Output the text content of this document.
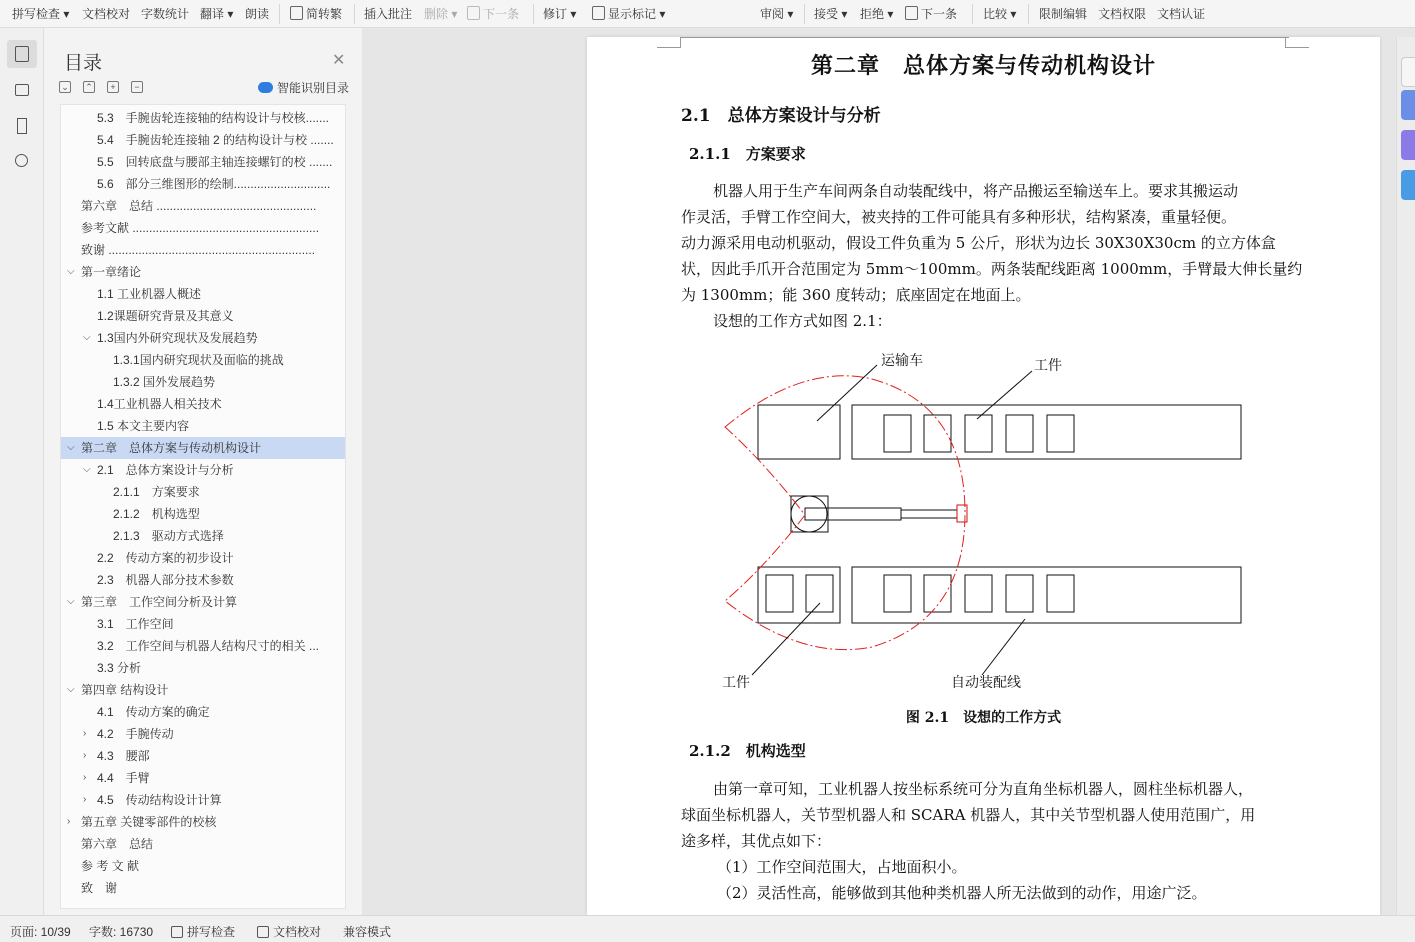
拼写检查 ▾ 文档校对 字数统计 翻译 ▾ 朗读	简转繁 插入批注 删除 ▾	下一条 修订 ▾	显示标记 ▾	审阅 ▾ 接受 ▾ 拒绝 ▾	下一条 比较 ▾ 限制编辑 文档权限 文档认证
目录	✕
⌄ ⌃	+	−	智能识别目录
致　谢
参 考 文 献
第六章　总结
› 第五章 关键零部件的校核
› 4.5　传动结构设计计算
› 4.4　手臂
› 4.3　腰部
› 4.2　手腕传动
4.1　传动方案的确定
⌵ 第四章 结构设计
3.3 分析
3.2　工作空间与机器人结构尺寸的相关 ...
3.1　工作空间
⌵ 第三章　工作空间分析及计算
2.3　机器人部分技术参数
2.2　传动方案的初步设计
2.1.3　驱动方式选择
2.1.2　机构选型
2.1.1　方案要求
⌵ 2.1　总体方案设计与分析
⌵ 第二章　总体方案与传动机构设计
1.5 本文主要内容
1.4工业机器人相关技术
1.3.2 国外发展趋势
1.3.1国内研究现状及面临的挑战
⌵ 1.3国内外研究现状及发展趋势
1.2课题研究背景及其意义
1.1 工业机器人概述
⌵ 第一章绪论
致谢 ..............................................................
参考文献 ........................................................
第六章　总结 ................................................
5.6　部分三维图形的绘制.............................
5.5　回转底盘与腰部主轴连接螺钉的校 .......
5.4　手腕齿轮连接轴 2 的结构设计与校 .......
5.3　手腕齿轮连接轴的结构设计与校核.......
第二章　总体方案与传动机构设计
2.1　总体方案设计与分析
2.1.1　方案要求
机器人用于生产车间两条自动装配线中，将产品搬运至输送车上。要求其搬运动
作灵活，手臂工作空间大，被夹持的工件可能具有多种形状，结构紧凑，重量轻便。
动力源采用电动机驱动，假设工件负重为 5 公斤，形状为边长 30X30X30cm 的立方体盒
状，因此手爪开合范围定为 5mm～100mm。两条装配线距离 1000mm，手臂最大伸长量约
为 1300mm；能 360 度转动；底座固定在地面上。
设想的工作方式如图 2.1：
运输车	工件
工件	自动装配线
图 2.1　设想的工作方式
2.1.2　机构选型
由第一章可知，工业机器人按坐标系统可分为直角坐标机器人，圆柱坐标机器人，
球面坐标机器人，关节型机器人和 SCARA 机器人，其中关节型机器人使用范围广，用
途多样，其优点如下：
（1）工作空间范围大，占地面积小。
（2）灵活性高，能够做到其他种类机器人所无法做到的动作，用途广泛。
页面: 10/39 字数: 16730	拼写检查	文档校对 兼容模式
